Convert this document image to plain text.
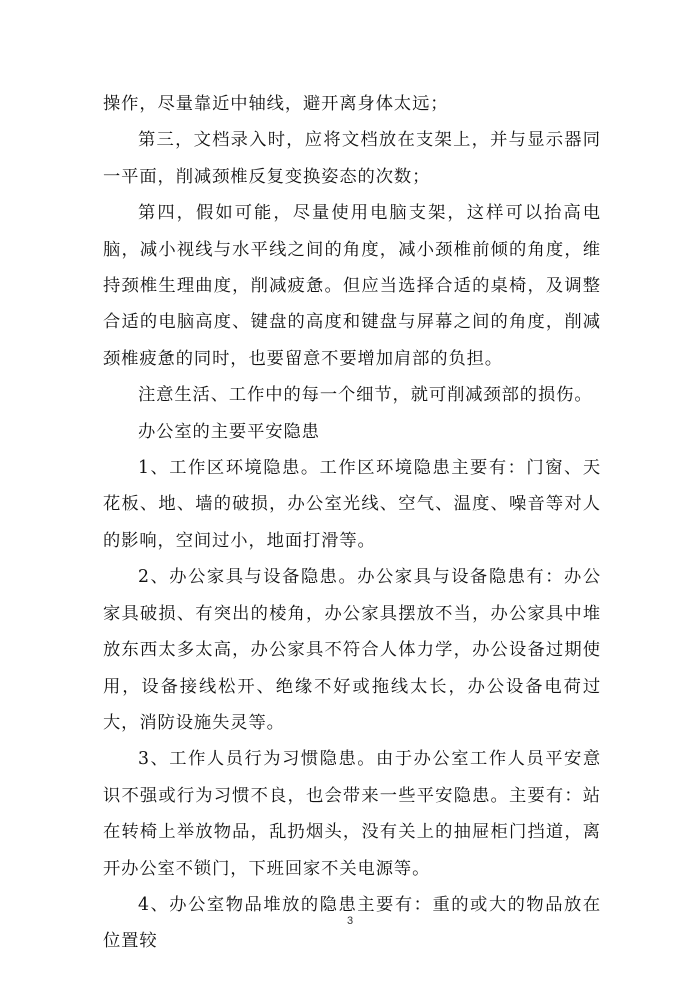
操作，尽量靠近中轴线，避开离身体太远；

第三，文档录入时，应将文档放在支架上，并与显示器同一平面，削减颈椎反复变换姿态的次数；

第四，假如可能，尽量使用电脑支架，这样可以抬高电脑，减小视线与水平线之间的角度，减小颈椎前倾的角度，维持颈椎生理曲度，削减疲惫。但应当选择合适的桌椅，及调整合适的电脑高度、键盘的高度和键盘与屏幕之间的角度，削减颈椎疲惫的同时，也要留意不要增加肩部的负担。

注意生活、工作中的每一个细节，就可削减颈部的损伤。

办公室的主要平安隐患

1、工作区环境隐患。工作区环境隐患主要有：门窗、天花板、地、墙的破损，办公室光线、空气、温度、噪音等对人的影响，空间过小，地面打滑等。

2、办公家具与设备隐患。办公家具与设备隐患有：办公家具破损、有突出的棱角，办公家具摆放不当，办公家具中堆放东西太多太高，办公家具不符合人体力学，办公设备过期使用，设备接线松开、绝缘不好或拖线太长，办公设备电荷过大，消防设施失灵等。

3、工作人员行为习惯隐患。由于办公室工作人员平安意识不强或行为习惯不良，也会带来一些平安隐患。主要有：站在转椅上举放物品，乱扔烟头，没有关上的抽屉柜门挡道，离开办公室不锁门，下班回家不关电源等。

4、办公室物品堆放的隐患主要有：重的或大的物品放在位置较

3
